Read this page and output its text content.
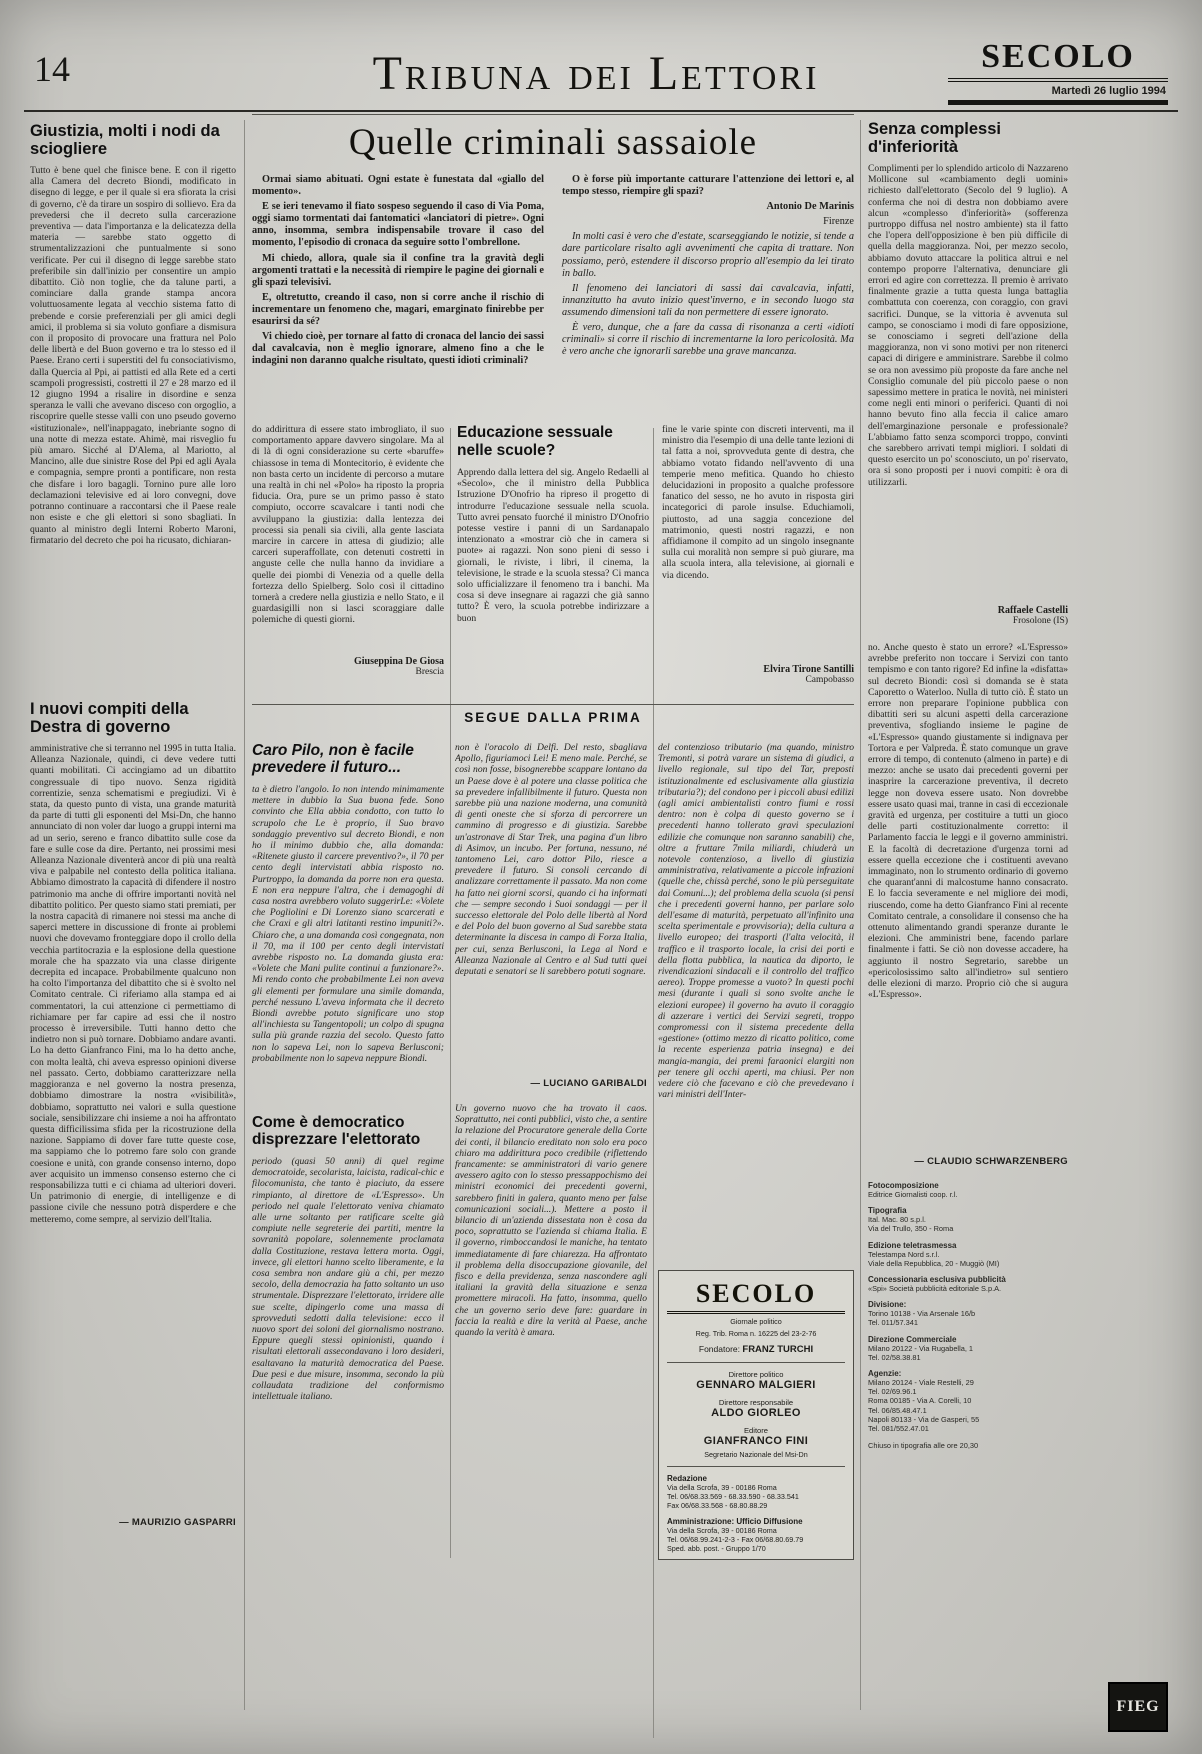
14	Tribuna dei Lettori	SECOLO
Martedì 26 luglio 1994
Giustizia, molti i nodi da sciogliere
Tutto è bene quel che finisce bene. E con il rigetto alla Camera del decreto Biondi, modificato in disegno di legge, e per il quale si era sfiorata la crisi di governo, c'è da tirare un sospiro di sollievo. Era da prevedersi che il decreto sulla carcerazione preventiva — data l'importanza e la delicatezza della materia — sarebbe stato oggetto di strumentalizzazioni che puntualmente si sono verificate. Per cui il disegno di legge sarebbe stato preferibile sin dall'inizio per consentire un ampio dibattito. Ciò non toglie, che da talune parti, a cominciare dalla grande stampa ancora voluttuosamente legata al vecchio sistema fatto di prebende e corsie preferenziali per gli amici degli amici, il problema si sia voluto gonfiare a dismisura con il proposito di provocare una frattura nel Polo delle libertà e del Buon governo e tra lo stesso ed il Paese. Erano certi i superstiti del fu consociativismo, dalla Quercia al Ppi, ai pattisti ed alla Rete ed a certi scampoli progressisti, costretti il 27 e 28 marzo ed il 12 giugno 1994 a risalire in disordine e senza speranza le valli che avevano disceso con orgoglio, a riscoprire quelle stesse valli con uno pseudo governo «istituzionale», nell'inappagato, inebriante sogno di una notte di mezza estate. Ahimè, mai risveglio fu più amaro. Sicché al D'Alema, al Mariotto, al Mancino, alle due sinistre Rose del Ppi ed agli Ayala e compagnia, sempre pronti a pontificare, non resta che disfare i loro bagagli. Tornino pure alle loro declamazioni televisive ed ai loro convegni, dove potranno continuare a raccontarsi che il Paese reale non esiste e che gli elettori si sono sbagliati. In quanto al ministro degli Interni Roberto Maroni, firmatario del decreto che poi ha ricusato, dichiaran-
I nuovi compiti della Destra di governo
amministrative che si terranno nel 1995 in tutta Italia. Alleanza Nazionale, quindi, ci deve vedere tutti quanti mobilitati. Ci accingiamo ad un dibattito congressuale di tipo nuovo. Senza rigidità correntizie, senza schematismi e pregiudizi. Vi è stata, da questo punto di vista, una grande maturità da parte di tutti gli esponenti del Msi-Dn, che hanno annunciato di non voler dar luogo a gruppi interni ma ad un serio, sereno e franco dibattito sulle cose da fare e sulle cose da dire. Pertanto, nei prossimi mesi Alleanza Nazionale diventerà ancor di più una realtà viva e palpabile nel contesto della politica italiana. Abbiamo dimostrato la capacità di difendere il nostro patrimonio ma anche di offrire importanti novità nel dibattito politico. Per questo siamo stati premiati, per la nostra capacità di rimanere noi stessi ma anche di saperci mettere in discussione di fronte ai problemi nuovi che dovevamo fronteggiare dopo il crollo della vecchia partitocrazia e la esplosione della questione morale che ha spazzato via una classe dirigente decrepita ed incapace. Probabilmente qualcuno non ha colto l'importanza del dibattito che si è svolto nel Comitato centrale. Ci riferiamo alla stampa ed ai commentatori, la cui attenzione ci permettiamo di richiamare per far capire ad essi che il nostro processo è irreversibile. Tutti hanno detto che indietro non si può tornare. Dobbiamo andare avanti. Lo ha detto Gianfranco Fini, ma lo ha detto anche, con molta lealtà, chi aveva espresso opinioni diverse nel passato. Certo, dobbiamo caratterizzare nella maggioranza e nel governo la nostra presenza, dobbiamo dimostrare la nostra «visibilità», dobbiamo, soprattutto nei valori e sulla questione sociale, sensibilizzare chi insieme a noi ha affrontato questa difficilissima sfida per la ricostruzione della nazione. Sappiamo di dover fare tutte queste cose, ma sappiamo che lo potremo fare solo con grande coesione e unità, con grande consenso interno, dopo aver acquisito un immenso consenso esterno che ci responsabilizza tutti e ci chiama ad ulteriori doveri. Un patrimonio di energie, di intelligenze e di passione civile che nessuno potrà disperdere e che metteremo, come sempre, al servizio dell'Italia.
— MAURIZIO GASPARRI
Quelle criminali sassaiole

Ormai siamo abituati. Ogni estate è funestata dal «giallo del momento».

E se ieri tenevamo il fiato sospeso seguendo il caso di Via Poma, oggi siamo tormentati dai fantomatici «lanciatori di pietre». Ogni anno, insomma, sembra indispensabile trovare il caso del momento, l'episodio di cronaca da seguire sotto l'ombrellone.

Mi chiedo, allora, quale sia il confine tra la gravità degli argomenti trattati e la necessità di riempire le pagine dei giornali e gli spazi televisivi.

E, oltretutto, creando il caso, non si corre anche il rischio di incrementare un fenomeno che, magari, emarginato finirebbe per esaurirsi da sé?

Vi chiedo cioè, per tornare al fatto di cronaca del lancio dei sassi dal cavalcavia, non è meglio ignorare, almeno fino a che le indagini non daranno qualche risultato, questi idioti criminali?

O è forse più importante catturare l'attenzione dei lettori e, al tempo stesso, riempire gli spazi?

Antonio De Marinis

Firenze

In molti casi è vero che d'estate, scarseggiando le notizie, si tende a dare particolare risalto agli avvenimenti che capita di trattare. Non possiamo, però, estendere il discorso proprio all'esempio da lei tirato in ballo.

Il fenomeno dei lanciatori di sassi dai cavalcavia, infatti, innanzitutto ha avuto inizio quest'inverno, e in secondo luogo sta assumendo dimensioni tali da non permettere di essere ignorato.

È vero, dunque, che a fare da cassa di risonanza a certi «idioti criminali» si corre il rischio di incrementarne la loro pericolosità. Ma è vero anche che ignorarli sarebbe una grave mancanza.

do addirittura di essere stato imbrogliato, il suo comportamento appare davvero singolare. Ma al di là di ogni considerazione su certe «baruffe» chiassose in tema di Montecitorio, è evidente che non basta certo un incidente di percorso a mutare una realtà in chi nel «Polo» ha riposto la propria fiducia. Ora, pure se un primo passo è stato compiuto, occorre scavalcare i tanti nodi che avviluppano la giustizia: dalla lentezza dei processi sia penali sia civili, alla gente lasciata marcire in carcere in attesa di giudizio; alle carceri superaffollate, con detenuti costretti in anguste celle che nulla hanno da invidiare a quelle dei piombi di Venezia od a quelle della fortezza dello Spielberg. Solo così il cittadino tornerà a credere nella giustizia e nello Stato, e il guardasigilli non si lasci scoraggiare dalle polemiche di questi giorni.
Giuseppina De Giosa
Brescia
Educazione sessuale nelle scuole?
Apprendo dalla lettera del sig. Angelo Redaelli al «Secolo», che il ministro della Pubblica Istruzione D'Onofrio ha ripreso il progetto di introdurre l'educazione sessuale nella scuola. Tutto avrei pensato fuorché il ministro D'Onofrio potesse vestire i panni di un Sardanapalo intenzionato a «mostrar ciò che in camera si puote» ai ragazzi. Non sono pieni di sesso i giornali, le riviste, i libri, il cinema, la televisione, le strade e la scuola stessa? Ci manca solo ufficializzare il fenomeno tra i banchi. Ma cosa si deve insegnare ai ragazzi che già sanno tutto? È vero, la scuola potrebbe indirizzare a buon
fine le varie spinte con discreti interventi, ma il ministro dia l'esempio di una delle tante lezioni di tal fatta a noi, sprovveduta gente di destra, che abbiamo votato fidando nell'avvento di una temperie meno mefitica. Quando ho chiesto delucidazioni in proposito a qualche professore fanatico del sesso, ne ho avuto in risposta giri incategorici di parole insulse. Educhiamoli, piuttosto, ad una saggia concezione del matrimonio, questi nostri ragazzi, e non affidiamone il compito ad un singolo insegnante sulla cui moralità non sempre si può giurare, ma alla scuola intera, alla televisione, ai giornali e via dicendo.
Elvira Tirone Santilli
Campobasso
SEGUE DALLA PRIMA
Caro Pilo, non è facile prevedere il futuro...
ta è dietro l'angolo. Io non intendo minimamente mettere in dubbio la Sua buona fede. Sono convinto che Ella abbia condotto, con tutto lo scrupolo che Le è proprio, il Suo bravo sondaggio preventivo sul decreto Biondi, e non ho il minimo dubbio che, alla domanda: «Ritenete giusto il carcere preventivo?», il 70 per cento degli intervistati abbia risposto no. Purtroppo, la domanda da porre non era questa. E non era neppure l'altra, che i demagoghi di casa nostra avrebbero voluto suggerirLe: «Volete che Pogliolini e Di Lorenzo siano scarcerati e che Craxi e gli altri latitanti restino impuniti?». Chiaro che, a una domanda così congegnata, non il 70, ma il 100 per cento degli intervistati avrebbe risposto no. La domanda giusta era: «Volete che Mani pulite continui a funzionare?». Mi rendo conto che probabilmente Lei non aveva gli elementi per formulare una simile domanda, perché nessuno L'aveva informata che il decreto Biondi avrebbe potuto significare uno stop all'inchiesta su Tangentopoli; un colpo di spugna sulla più grande razzia del secolo. Questo fatto non lo sapeva Lei, non lo sapeva Berlusconi; probabilmente non lo sapeva neppure Biondi.
Come è democratico disprezzare l'elettorato
periodo (quasi 50 anni) di quel regime democratoide, secolarista, laicista, radical-chic e filocomunista, che tanto è piaciuto, da essere rimpianto, al direttore de «L'Espresso». Un periodo nel quale l'elettorato veniva chiamato alle urne soltanto per ratificare scelte già compiute nelle segreterie dei partiti, mentre la sovranità popolare, solennemente proclamata dalla Costituzione, restava lettera morta. Oggi, invece, gli elettori hanno scelto liberamente, e la cosa sembra non andare giù a chi, per mezzo secolo, della democrazia ha fatto soltanto un uso strumentale. Disprezzare l'elettorato, irridere alle sue scelte, dipingerlo come una massa di sprovveduti sedotti dalla televisione: ecco il nuovo sport dei soloni del giornalismo nostrano. Eppure quegli stessi opinionisti, quando i risultati elettorali assecondavano i loro desideri, esaltavano la maturità democratica del Paese. Due pesi e due misure, insomma, secondo la più collaudata tradizione del conformismo intellettuale italiano.
non è l'oracolo di Delfi. Del resto, sbagliava Apollo, figuriamoci Lei! E meno male. Perché, se così non fosse, bisognerebbe scappare lontano da un Paese dove è al potere una classe politica che sa prevedere infallibilmente il futuro. Questa non sarebbe più una nazione moderna, una comunità di genti oneste che si sforza di percorrere un cammino di progresso e di giustizia. Sarebbe un'astronave di Star Trek, una pagina d'un libro di Asimov, un incubo. Per fortuna, nessuno, né tantomeno Lei, caro dottor Pilo, riesce a prevedere il futuro. Si consoli cercando di analizzare correttamente il passato. Ma non come ha fatto nei giorni scorsi, quando ci ha informati che — sempre secondo i Suoi sondaggi — per il successo elettorale del Polo delle libertà al Nord e del Polo del buon governo al Sud sarebbe stata determinante la discesa in campo di Forza Italia, per cui, senza Berlusconi, la Lega al Nord e Alleanza Nazionale al Centro e al Sud tutti quei deputati e senatori se li sarebbero potuti sognare.
— LUCIANO GARIBALDI
Un governo nuovo che ha trovato il caos. Soprattutto, nei conti pubblici, visto che, a sentire la relazione del Procuratore generale della Corte dei conti, il bilancio ereditato non solo era poco chiaro ma addirittura poco credibile (riflettendo francamente: se amministratori di vario genere avessero agito con lo stesso pressappochismo dei ministri economici dei precedenti governi, sarebbero finiti in galera, quanto meno per false comunicazioni sociali...). Mettere a posto il bilancio di un'azienda dissestata non è cosa da poco, soprattutto se l'azienda si chiama Italia. E il governo, rimboccandosi le maniche, ha tentato immediatamente di fare chiarezza. Ha affrontato il problema della disoccupazione giovanile, del fisco e della previdenza, senza nascondere agli italiani la gravità della situazione e senza promettere miracoli. Ha fatto, insomma, quello che un governo serio deve fare: guardare in faccia la realtà e dire la verità al Paese, anche quando la verità è amara.
del contenzioso tributario (ma quando, ministro Tremonti, si potrà varare un sistema di giudici, a livello regionale, sul tipo del Tar, preposti istituzionalmente ed esclusivamente alla giustizia tributaria?); del condono per i piccoli abusi edilizi (agli amici ambientalisti contro fiumi e rossi dentro: non è colpa di questo governo se i precedenti hanno tollerato gravi speculazioni edilizie che comunque non saranno sanabili) che, oltre a fruttare 7mila miliardi, chiuderà un notevole contenzioso, a livello di giustizia amministrativa, relativamente a piccole infrazioni (quelle che, chissà perché, sono le più perseguitate dai Comuni...); del problema della scuola (si pensi che i precedenti governi hanno, per parlare solo dell'esame di maturità, perpetuato all'infinito una scelta sperimentale e provvisoria); della cultura a livello europeo; dei trasporti (l'alta velocità, il traffico e il trasporto locale, la crisi dei porti e della flotta pubblica, la nautica da diporto, le rivendicazioni sindacali e il controllo del traffico aereo). Troppe promesse a vuoto? In questi pochi mesi (durante i quali si sono svolte anche le elezioni europee) il governo ha avuto il coraggio di azzerare i vertici dei Servizi segreti, troppo compromessi con il sistema precedente della «gestione» (ottimo mezzo di ricatto politico, come la recente esperienza patria insegna) e dei mangia-mangia, dei premi faraonici elargiti non per tenere gli occhi aperti, ma chiusi. Per non vedere ciò che facevano e ciò che prevedevano i vari ministri dell'Inter-
SECOLO
Giornale politico
Reg. Trib. Roma n. 16225 del 23-2-76
Fondatore: FRANZ TURCHI
Direttore politico
GENNARO MALGIERI
Direttore responsabile
ALDO GIORLEO
Editore
GIANFRANCO FINI
Segretario Nazionale del Msi-Dn
Redazione
Via della Scrofa, 39 - 00186 Roma
Tel. 06/68.33.569 - 68.33.590 - 68.33.541
Fax 06/68.33.568 - 68.80.88.29
Amministrazione: Ufficio Diffusione
Via della Scrofa, 39 - 00186 Roma
Tel. 06/68.99.241-2-3 - Fax 06/68.80.69.79
Sped. abb. post. - Gruppo 1/70
Senza complessi d'inferiorità
Complimenti per lo splendido articolo di Nazzareno Mollicone sul «cambiamento degli uomini» richiesto dall'elettorato (Secolo del 9 luglio). A conferma che noi di destra non dobbiamo avere alcun «complesso d'inferiorità» (sofferenza purtroppo diffusa nel nostro ambiente) sta il fatto che l'opera dell'opposizione è ben più difficile di quella della maggioranza. Noi, per mezzo secolo, abbiamo dovuto attaccare la politica altrui e nel contempo proporre l'alternativa, denunciare gli errori ed agire con correttezza. Il premio è arrivato finalmente grazie a tutta questa lunga battaglia combattuta con coerenza, con coraggio, con gravi sacrifici. Dunque, se la vittoria è avvenuta sul campo, se conosciamo i modi di fare opposizione, se conosciamo i segreti dell'azione della maggioranza, non vi sono motivi per non ritenerci capaci di dirigere e amministrare. Sarebbe il colmo se ora non avessimo più proposte da fare anche nel Consiglio comunale del più piccolo paese o non sapessimo mettere in pratica le novità, nei ministeri come negli enti minori o periferici. Quanti di noi hanno bevuto fino alla feccia il calice amaro dell'emarginazione personale e professionale? L'abbiamo fatto senza scomporci troppo, convinti che sarebbero arrivati tempi migliori. I soldati di questo esercito un po' sconosciuto, un po' riservato, ora si sono proposti per i nuovi compiti: è ora di utilizzarli.
Raffaele Castelli
Frosolone (IS)
no. Anche questo è stato un errore? «L'Espresso» avrebbe preferito non toccare i Servizi con tanto tempismo e con tanto rigore? Ed infine la «disfatta» sul decreto Biondi: così si domanda se è stata Caporetto o Waterloo. Nulla di tutto ciò. È stato un errore non preparare l'opinione pubblica con dibattiti seri su alcuni aspetti della carcerazione preventiva, sfogliando insieme le pagine de «L'Espresso» quando giustamente si indignava per Tortora e per Valpreda. È stato comunque un grave errore di tempo, di contenuto (almeno in parte) e di mezzo: anche se usato dai precedenti governi per inasprire la carcerazione preventiva, il decreto legge non doveva essere usato. Non dovrebbe essere usato quasi mai, tranne in casi di eccezionale gravità ed urgenza, per costituire a tutti un gioco delle parti costituzionalmente corretto: il Parlamento faccia le leggi e il governo amministri. E la facoltà di decretazione d'urgenza torni ad essere quella eccezione che i costituenti avevano immaginato, non lo strumento ordinario di governo che quarant'anni di malcostume hanno consacrato. E lo faccia severamente e nel migliore dei modi, riuscendo, come ha detto Gianfranco Fini al recente Comitato centrale, a consolidare il consenso che ha ottenuto alimentando grandi speranze durante le elezioni. Che amministri bene, facendo parlare finalmente i fatti. Se ciò non dovesse accadere, ha aggiunto il nostro Segretario, sarebbe un «pericolosissimo salto all'indietro» sul sentiero delle elezioni di marzo. Proprio ciò che si augura «L'Espresso».
— CLAUDIO SCHWARZENBERG
Fotocomposizione
Editrice Giornalisti coop. r.l.
Tipografia
Ital. Mac. 80 s.p.l.
Via del Trullo, 350 - Roma
Edizione teletrasmessa
Telestampa Nord s.r.l.
Viale della Repubblica, 20 - Muggiò (MI)
Concessionaria esclusiva pubblicità
«Spi» Società pubblicità editoriale S.p.A.
Divisione:
Torino 10138 - Via Arsenale 16/b
Tel. 011/57.341
Direzione Commerciale
Milano 20122 - Via Rugabella, 1
Tel. 02/58.38.81
Agenzie:
Milano 20124 - Viale Restelli, 29
Tel. 02/69.96.1
Roma 00185 - Via A. Corelli, 10
Tel. 06/85.48.47.1
Napoli 80133 - Via de Gasperi, 55
Tel. 081/552.47.01
Chiuso in tipografia alle ore 20,30
FIEG
